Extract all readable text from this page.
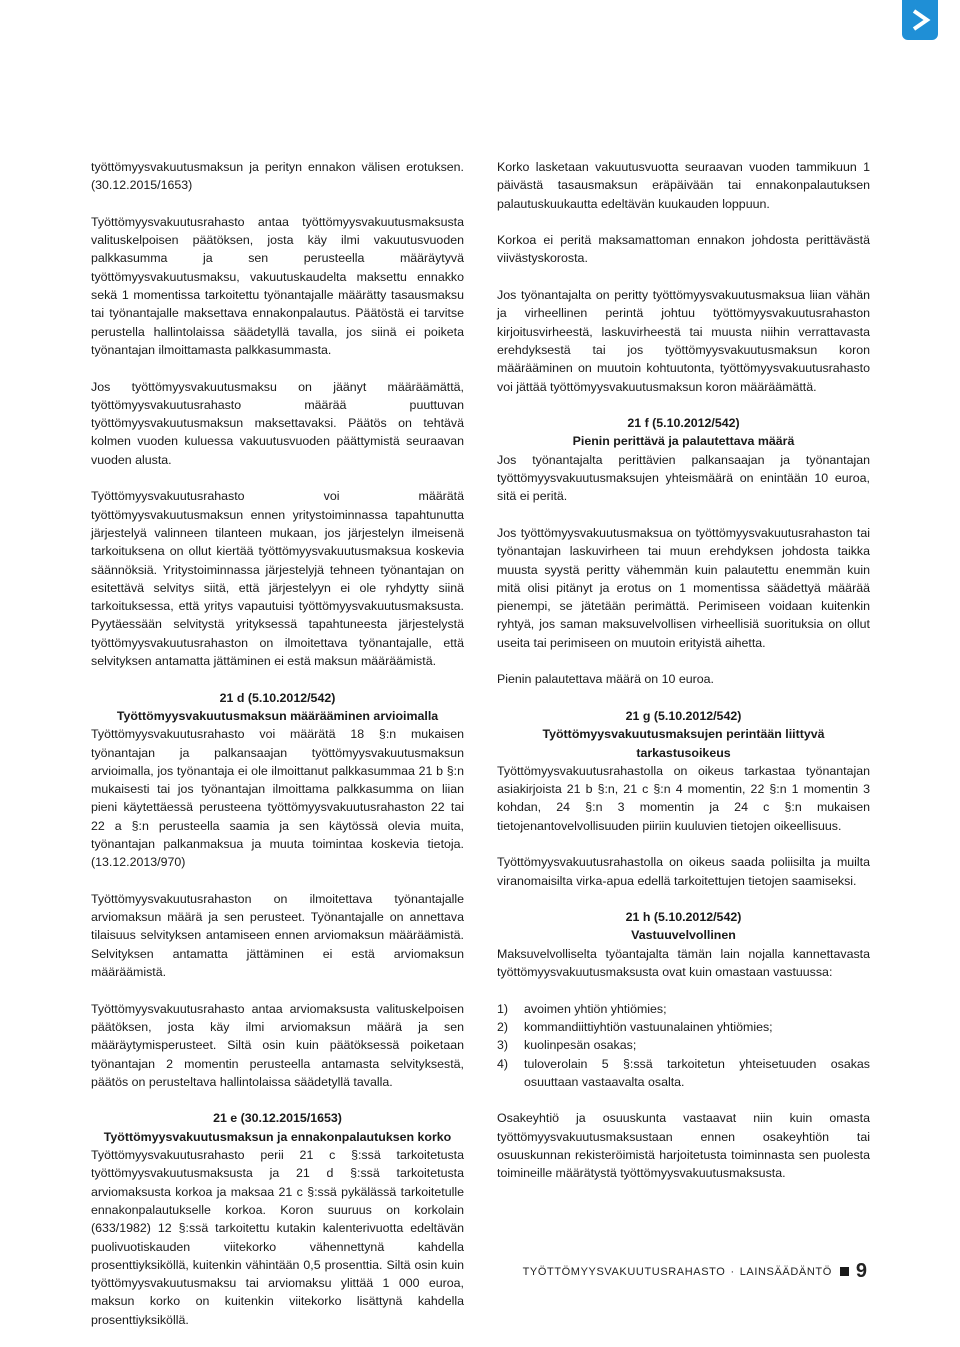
työttömyysvakuutusmaksun ja perityn ennakon välisen erotuksen. (30.12.2015/1653)

Työttömyysvakuutusrahasto antaa työttömyysvakuutusmaksusta valituskelpoisen päätöksen, josta käy ilmi vakuutusvuoden palkkasumma ja sen perusteella määräytyvä työttömyysvakuutusmaksu, vakuutuskaudelta maksettu ennakko sekä 1 momentissa tarkoitettu työnantajalle määrätty tasausmaksu tai työnantajalle maksettava ennakonpalautus. Päätöstä ei tarvitse perustella hallintolaissa säädetyllä tavalla, jos siinä ei poiketa työnantajan ilmoittamasta palkkasummasta.

Jos työttömyysvakuutusmaksu on jäänyt määräämättä, työttömyysvakuutusrahasto määrää puuttuvan työttömyysvakuutusmaksun maksettavaksi. Päätös on tehtävä kolmen vuoden kuluessa vakuutusvuoden päättymistä seuraavan vuoden alusta.

Työttömyysvakuutusrahasto voi määrätä työttömyysvakuutusmaksun ennen yritystoiminnassa tapahtunutta järjestelyä valinneen tilanteen mukaan, jos järjestelyn ilmeisenä tarkoituksena on ollut kiertää työttömyysvakuutusmaksua koskevia säännöksiä. Yritystoiminnassa järjestelyjä tehneen työnantajan on esitettävä selvitys siitä, että järjestelyyn ei ole ryhdytty siinä tarkoituksessa, että yritys vapautuisi työttömyysvakuutusmaksusta. Pyytäessään selvitystä yrityksessä tapahtuneesta järjestelystä työttömyysvakuutusrahaston on ilmoitettava työnantajalle, että selvityksen antamatta jättäminen ei estä maksun määräämistä.

21 d (5.10.2012/542)
Työttömyysvakuutusmaksun määrääminen arvioimalla

Työttömyysvakuutusrahasto voi määrätä 18 §:n mukaisen työnantajan ja palkansaajan työttömyysvakuutusmaksun arvioimalla, jos työnantaja ei ole ilmoittanut palkkasummaa 21 b §:n mukaisesti tai jos työnantajan ilmoittama palkkasumma on liian pieni käytettäessä perusteena työttömyysvakuutusrahaston 22 tai 22 a §:n perusteella saamia ja sen käytössä olevia muita, työnantajan palkanmaksua ja muuta toimintaa koskevia tietoja. (13.12.2013/970)

Työttömyysvakuutusrahaston on ilmoitettava työnantajalle arviomaksun määrä ja sen perusteet. Työnantajalle on annettava tilaisuus selvityksen antamiseen ennen arviomaksun määräämistä. Selvityksen antamatta jättäminen ei estä arviomaksun määräämistä.

Työttömyysvakuutusrahasto antaa arviomaksusta valituskelpoisen päätöksen, josta käy ilmi arviomaksun määrä ja sen määräytymisperusteet. Siltä osin kuin päätöksessä poiketaan työnantajan 2 momentin perusteella antamasta selvityksestä, päätös on perusteltava hallintolaissa säädetyllä tavalla.

21 e (30.12.2015/1653)
Työttömyysvakuutusmaksun ja ennakonpalautuksen korko

Työttömyysvakuutusrahasto perii 21 c §:ssä tarkoitetusta työttömyysvakuutusmaksusta ja 21 d §:ssä tarkoitetusta arviomaksusta korkoa ja maksaa 21 c §:ssä pykälässä tarkoitetulle ennakonpalautukselle korkoa. Koron suuruus on korkolain (633/1982) 12 §:ssä tarkoitettu kutakin kalenterivuotta edeltävän puolivuotiskauden viitekorko vähennettynä kahdella prosenttiyksiköllä, kuitenkin vähintään 0,5 prosenttia. Siltä osin kuin työttömyysvakuutusmaksu tai arviomaksu ylittää 1 000 euroa, maksun korko on kuitenkin viitekorko lisättynä kahdella prosenttiyksiköllä.

Korko lasketaan vakuutusvuotta seuraavan vuoden tammikuun 1 päivästä tasausmaksun eräpäivään tai ennakonpalautuksen palautuskuukautta edeltävän kuukauden loppuun.

Korkoa ei peritä maksamattoman ennakon johdosta perittävästä viivästyskorosta.

Jos työnantajalta on peritty työttömyysvakuutusmaksua liian vähän ja virheellinen perintä johtuu työttömyysvakuutusrahaston kirjoitusvirheestä, laskuvirheestä tai muusta niihin verrattavasta erehdyksestä tai jos työttömyysvakuutusmaksun koron määrääminen on muutoin kohtuutonta, työttömyysvakuutusrahasto voi jättää työttömyysvakuutusmaksun koron määräämättä.

21 f (5.10.2012/542)
Pienin perittävä ja palautettava määrä

Jos työnantajalta perittävien palkansaajan ja työnantajan työttömyysvakuutusmaksujen yhteismäärä on enintään 10 euroa, sitä ei peritä.

Jos työttömyysvakuutusmaksua on työttömyysvakuutusrahaston tai työnantajan laskuvirheen tai muun erehdyksen johdosta taikka muusta syystä peritty vähemmän kuin palautettu enemmän kuin mitä olisi pitänyt ja erotus on 1 momentissa säädettyä määrää pienempi, se jätetään perimättä. Perimiseen voidaan kuitenkin ryhtyä, jos saman maksuvelvollisen virheellisiä suorituksia on ollut useita tai perimiseen on muutoin erityistä aihetta.

Pienin palautettava määrä on 10 euroa.

21 g (5.10.2012/542)
Työttömyysvakuutusmaksujen perintään liittyvä tarkastusoikeus

Työttömyysvakuutusrahastolla on oikeus tarkastaa työnantajan asiakirjoista 21 b §:n, 21 c §:n 4 momentin, 22 §:n 1 momentin 3 kohdan, 24 §:n 3 momentin ja 24 c §:n mukaisen tietojenantovelvollisuuden piiriin kuuluvien tietojen oikeellisuus.

Työttömyysvakuutusrahastolla on oikeus saada poliisilta ja muilta viranomaisilta virka-apua edellä tarkoitettujen tietojen saamiseksi.

21 h (5.10.2012/542)
Vastuuvelvollinen

Maksuvelvolliselta työantajalta tämän lain nojalla kannettavasta työttömyysvakuutusmaksusta ovat kuin omastaan vastuussa:

1)	avoimen yhtiön yhtiömies;
2)	kommandiittiyhtiön vastuunalainen yhtiömies;
3)	kuolinpesän osakas;
4)	tuloverolain 5 §:ssä tarkoitetun yhteisetuuden osakas osuuttaan vastaavalta osalta.

Osakeyhtiö ja osuuskunta vastaavat niin kuin omasta työttömyysvakuutusmaksustaan ennen osakeyhtiön tai osuuskunnan rekisteröimistä harjoitetusta toiminnasta sen puolesta toimineille määrätystä työttömyysvakuutusmaksusta.

TYÖTTÖMYYSVAKUUTUSRAHASTO · LAINSÄÄDÄNTÖ 9
